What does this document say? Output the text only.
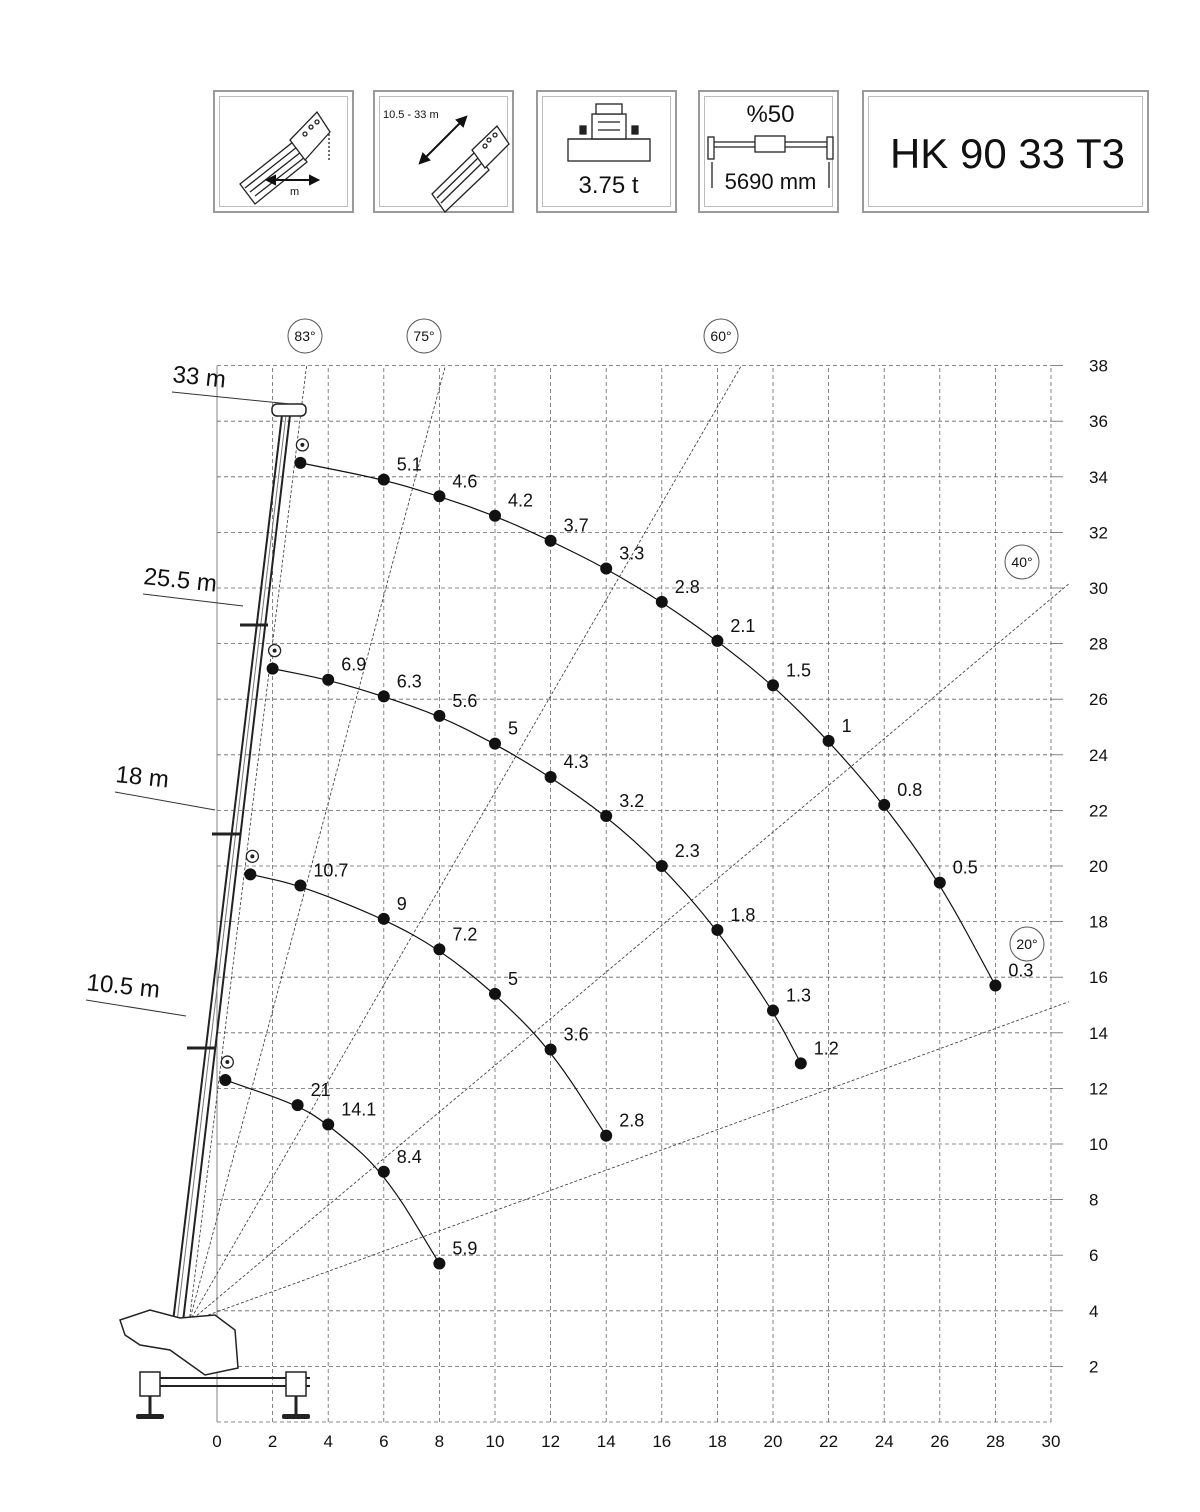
m
10.5 - 33 m
3.75 t
%50
5690 mm
HK 90 33 T3
83°	75°	60°
40°
20°
0	2	4	6	8 10 12 14 16 18 20 22 24 26 28 30
2
4
6
8
10
12
14
16
18
20
22
24
26
28
30
32
34
36
38
33 m
25.5 m
18 m
10.5 m
5.1
4.6
4.2
3.7
3.3
2.8
2.1
1.5
1
0.8
0.5
0.3
6.9
6.3
5.6
5
4.3
3.2
2.3
1.8
1.3
1.2
10.7
9
7.2
5
3.6
2.8
21
14.1
8.4
5.9
